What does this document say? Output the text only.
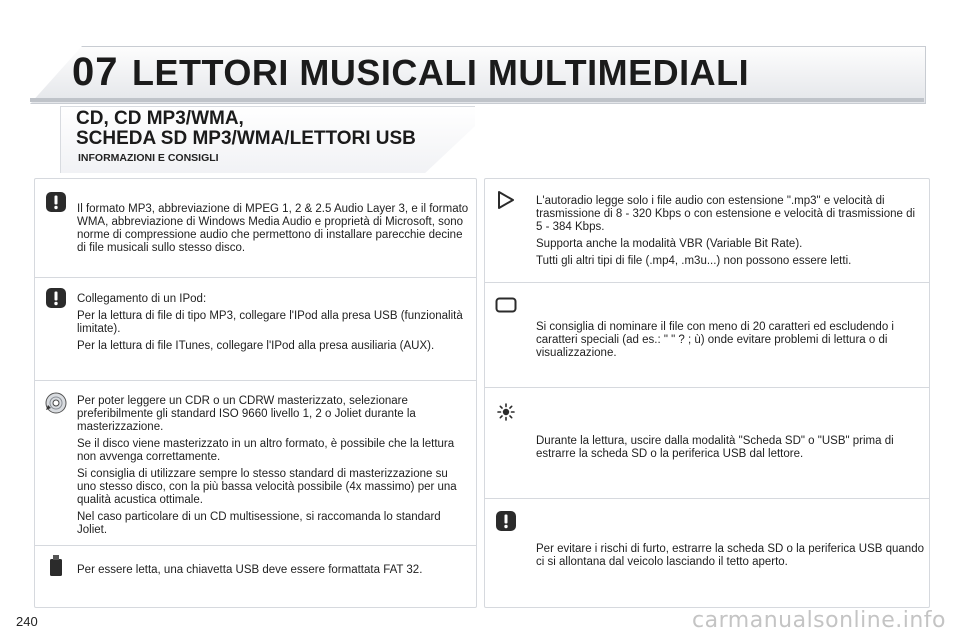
07 LETTORI MUSICALI MULTIMEDIALI
CD, CD MP3/WMA,
SCHEDA SD MP3/WMA/LETTORI USB
INFORMAZIONI E CONSIGLI

Il formato MP3, abbreviazione di MPEG 1, 2 & 2.5 Audio Layer 3, e il formato WMA, abbreviazione di Windows Media Audio e proprietà di Microsoft, sono norme di compressione audio che permettono di installare parecchie decine di file musicali sullo stesso disco.

Collegamento di un IPod:

Per la lettura di file di tipo MP3, collegare l'IPod alla presa USB (funzionalità limitate).

Per la lettura di file ITunes, collegare l'IPod alla presa ausiliaria (AUX).

Per poter leggere un CDR o un CDRW masterizzato, selezionare preferibilmente gli standard ISO 9660 livello 1, 2 o Joliet durante la masterizzazione.

Se il disco viene masterizzato in un altro formato, è possibile che la lettura non avvenga correttamente.

Si consiglia di utilizzare sempre lo stesso standard di masterizzazione su uno stesso disco, con la più bassa velocità possibile (4x massimo) per una qualità acustica ottimale.

Nel caso particolare di un CD multisessione, si raccomanda lo standard Joliet.

Per essere letta, una chiavetta USB deve essere formattata FAT 32.

L'autoradio legge solo i file audio con estensione ".mp3" e velocità di trasmissione di 8 - 320 Kbps o con estensione e velocità di trasmissione di 5 - 384 Kbps.

Supporta anche la modalità VBR (Variable Bit Rate).

Tutti gli altri tipi di file (.mp4, .m3u...) non possono essere letti.

Si consiglia di nominare il file con meno di 20 caratteri ed escludendo i caratteri speciali (ad es.: " " ? ; ù) onde evitare problemi di lettura o di visualizzazione.

Durante la lettura, uscire dalla modalità "Scheda SD" o "USB" prima di estrarre la scheda SD o la periferica USB dal lettore.

Per evitare i rischi di furto, estrarre la scheda SD o la periferica USB quando ci si allontana dal veicolo lasciando il tetto aperto.

240	carmanualsonline.info
